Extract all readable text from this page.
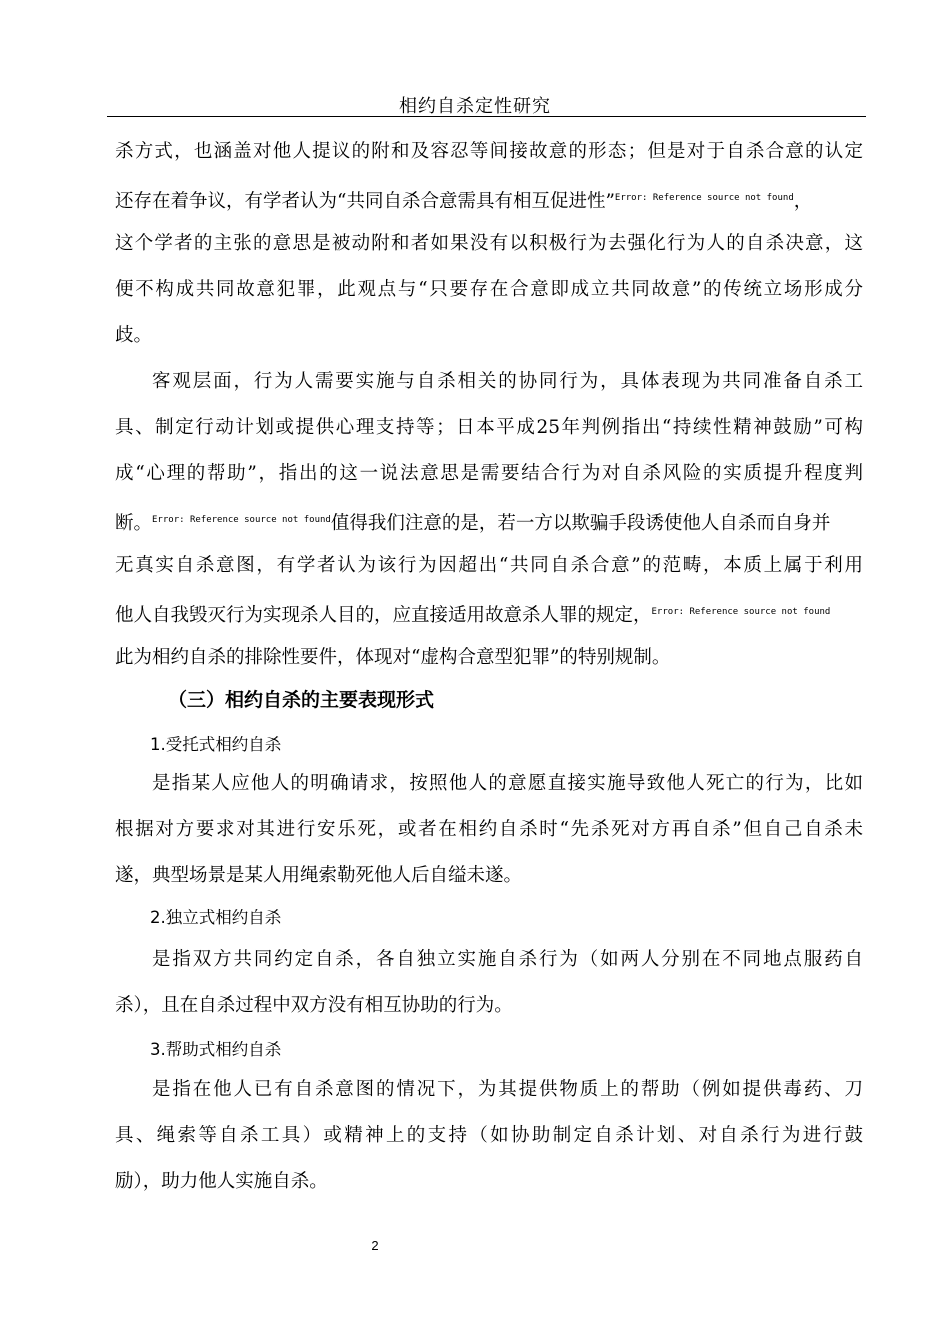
相约自杀定性研究
杀方式，也涵盖对他人提议的附和及容忍等间接故意的形态；但是对于自杀合意的认定
还存在着争议，有学者认为“共同自杀合意需具有相互促进性”$^{Error: Reference source not found}$，
这个学者的主张的意思是被动附和者如果没有以积极行为去强化行为人的自杀决意，这
便不构成共同故意犯罪，此观点与“只要存在合意即成立共同故意”的传统立场形成分
歧。
客观层面，行为人需要实施与自杀相关的协同行为，具体表现为共同准备自杀工
具、制定行动计划或提供心理支持等；日本平成25年判例指出“持续性精神鼓励”可构
成“心理的帮助”，指出的这一说法意思是需要结合行为对自杀风险的实质提升程度判
断。$^{Error: Reference source not found}$值得我们注意的是，若一方以欺骗手段诱使他人自杀而自身并
无真实自杀意图，有学者认为该行为因超出“共同自杀合意”的范畴，本质上属于利用
他人自我毁灭行为实现杀人目的，应直接适用故意杀人罪的规定，$^{Error: Reference source not found}$
此为相约自杀的排除性要件，体现对“虚构合意型犯罪”的特别规制。
（三）相约自杀的主要表现形式
1.受托式相约自杀
是指某人应他人的明确请求，按照他人的意愿直接实施导致他人死亡的行为，比如
根据对方要求对其进行安乐死，或者在相约自杀时“先杀死对方再自杀”但自己自杀未
遂，典型场景是某人用绳索勒死他人后自缢未遂。
2.独立式相约自杀
是指双方共同约定自杀，各自独立实施自杀行为（如两人分别在不同地点服药自
杀），且在自杀过程中双方没有相互协助的行为。
3.帮助式相约自杀
是指在他人已有自杀意图的情况下，为其提供物质上的帮助（例如提供毒药、刀
具、绳索等自杀工具）或精神上的支持（如协助制定自杀计划、对自杀行为进行鼓
励），助力他人实施自杀。
2
